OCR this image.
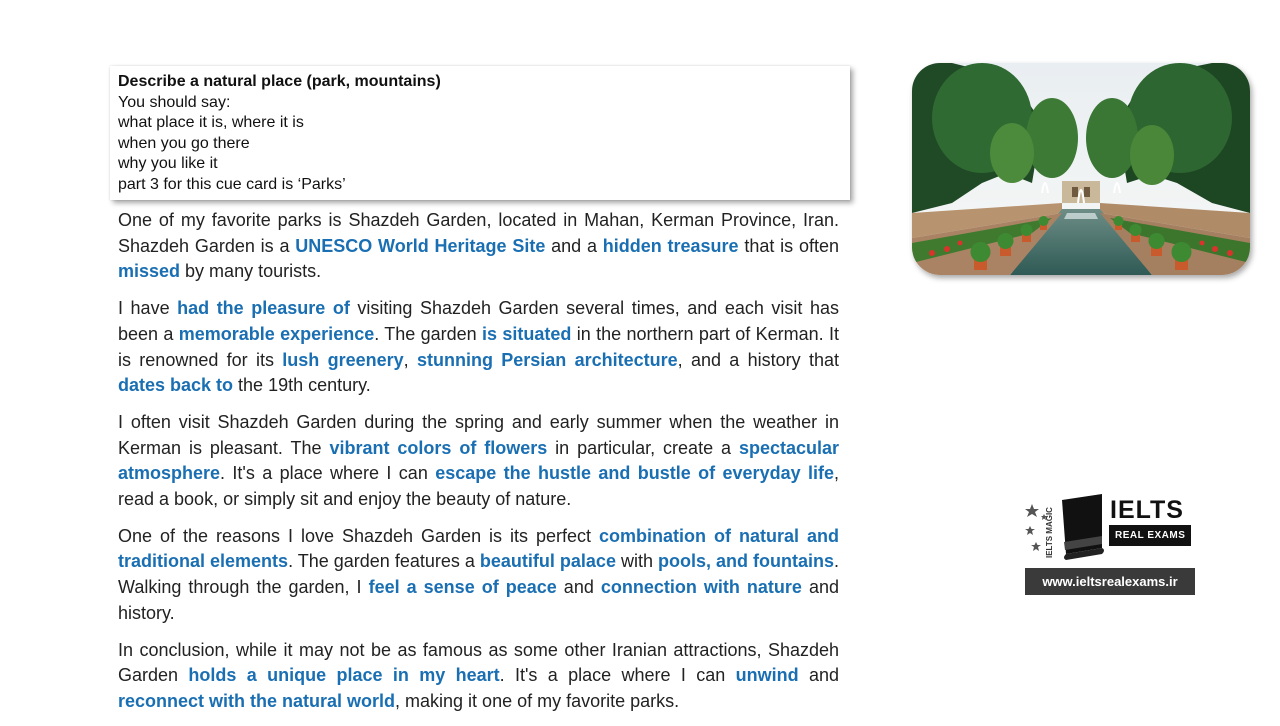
Describe a natural place (park, mountains)
You should say:
what place it is, where it is
when you go there
why you like it
part 3 for this cue card is ‘Parks’

One of my favorite parks is Shazdeh Garden, located in Mahan, Kerman Province, Iran. Shazdeh Garden is a UNESCO World Heritage Site and a hidden treasure that is often missed by many tourists.

I have had the pleasure of visiting Shazdeh Garden several times, and each visit has been a memorable experience. The garden is situated in the northern part of Kerman. It is renowned for its lush greenery, stunning Persian architecture, and a history that dates back to the 19th century.

I often visit Shazdeh Garden during the spring and early summer when the weather in Kerman is pleasant. The vibrant colors of flowers in particular, create a spectacular atmosphere. It's a place where I can escape the hustle and bustle of everyday life, read a book, or simply sit and enjoy the beauty of nature.

One of the reasons I love Shazdeh Garden is its perfect combination of natural and traditional elements. The garden features a beautiful palace with pools, and fountains. Walking through the garden, I feel a sense of peace and connection with nature and history.

In conclusion, while it may not be as famous as some other Iranian attractions, Shazdeh Garden holds a unique place in my heart. It's a place where I can unwind and reconnect with the natural world, making it one of my favorite parks.

IELTS MAGIC IELTS
REAL EXAMS
www.ieltsrealexams.ir
